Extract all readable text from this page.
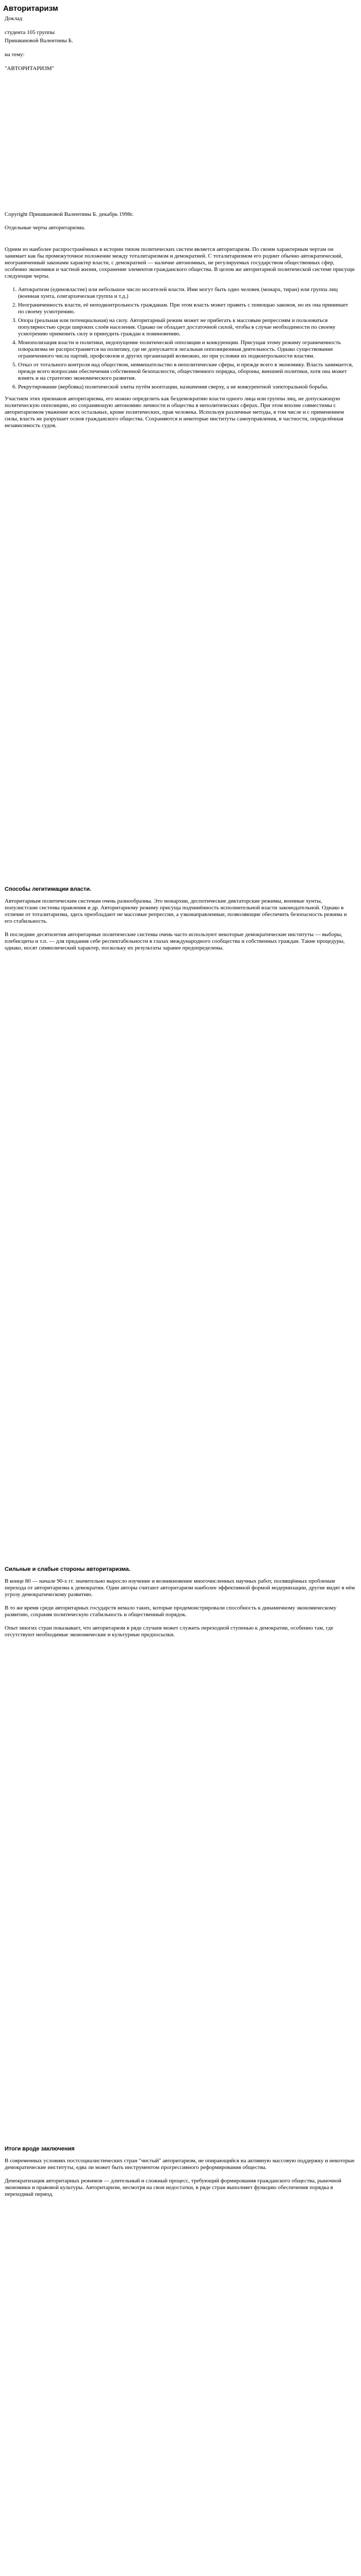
Авторитаризм

Доклад

студента 105 группы

Пришвановой Валентины Б.

на тему:

"АВТОРИТАРИЗМ"

Copyright Пришвановой Валентины Б. декабрь 1998г.

Отдельные черты авторитаризма.

Одним из наиболее распространённых в истории типом политических систем является авторитаризм. По своим характерным чертам он занимает как бы промежуточное положение между тоталитаризмом и демократией. С тоталитаризмом его роднит обычно автократический, неограниченный законами характер власти, с демократией — наличие автономных, не регулируемых государством общественных сфер, особенно экономики и частной жизни, сохранение элементов гражданского общества. В целом же авторитарной политической системе присущи следующие черты.

1. Автократизм (единовластие) или небольшое число носителей власти. Ими могут быть одно человек (монарх, тиран) или группа лиц (военная хунта, олигархическая группа и т.д.)
2. Неограниченность власти, её неподконтрольность гражданам. При этом власть может править с помощью законов, но их она принимает по своему усмотрению.
3. Опора (реальная или потенциальная) на силу. Авторитарный режим может не прибегать к массовым репрессиям и пользоваться популярностью среди широких слоёв населения. Однако он обладает достаточной силой, чтобы в случае необходимости по своему усмотрению применить силу и принудить граждан к повиновению.
4. Монополизация власти и политики, недопущение политической оппозиции и конкуренции. Присущая этому режиму ограниченность плюрализма не распространяется на политику, где не допускается легальная оппозиционная деятельность. Однако существование ограниченного числа партий, профсоюзов и других организаций возможно, но при условии их подконтрольности властям.
5. Отказ от тотального контроля над обществом, невмешательство в неполитические сферы, и прежде всего в экономику. Власть занимается, прежде всего вопросами обеспечения собственной безопасности, общественного порядка, обороны, внешней политики, хотя она может влиять и на стратегию экономического развития.
6. Рекрутирование (вербовка) политической элиты путём кооптации, назначения сверху, а не конкурентной электоральной борьбы.

Участием этих признаков авторитаризма, его можно определить как бездемократию власти одного лица или группы лиц, не допускающую политическую оппозицию, но сохраняющую автономию личности и общества в неполитических сферах. При этом вполне совместимы с авторитаризмом уважение всех остальных, кроме политических, прав человека. Используя различные методы, в том числе и с применением силы, власть не разрушает основ гражданского общества. Сохраняются и некоторые институты самоуправления, в частности, определённая независимость судов.

Способы легитимации власти.

Авторитарным политическим системам очень разнообразны. Это монархии, деспотические диктаторские режимы, военные хунты, популистские системы правления и др. Авторитарному режиму присуща подчинённость исполнительной власти законодательной. Однако в отличие от тоталитаризма, здесь преобладают не массовые репрессии, а узконаправленные, позволяющие обеспечить безопасность режима и его стабильность.

В последние десятилетия авторитарные политические системы очень часто используют некоторые демократические институты — выборы, плебисциты и т.п. — для придания себе респектабельности в глазах международного сообщества и собственных граждан. Такие процедуры, однако, носят символический характер, поскольку их результаты заранее предопределены.

Сильные и слабые стороны авторитаризма.

В конце 80 — начале 90-х гг. значительно выросло изучение и возникновение многочисленных научных работ, посвящённых проблемам перехода от авторитаризма к демократии. Одни авторы считают авторитаризм наиболее эффективной формой модернизации, другие видят в нём угрозу демократическому развитию.

В то же время среди авторитарных государств немало таких, которые продемонстрировали способность к динамичному экономическому развитию, сохраняя политическую стабильность и общественный порядок.

Опыт многих стран показывает, что авторитаризм в ряде случаев может служить переходной ступенью к демократии, особенно там, где отсутствуют необходимые экономические и культурные предпосылки.

Итоги вроде заключения

В современных условиях постсоциалистических стран "чистый" авторитаризм, не опирающийся на активную массовую поддержку и некоторые демократические институты, едва ли может быть инструментом прогрессивного реформирования общества.

Демократизация авторитарных режимов — длительный и сложный процесс, требующий формирования гражданского общества, рыночной экономики и правовой культуры. Авторитаризм, несмотря на свои недостатки, в ряде стран выполняет функцию обеспечения порядка в переходный период.
